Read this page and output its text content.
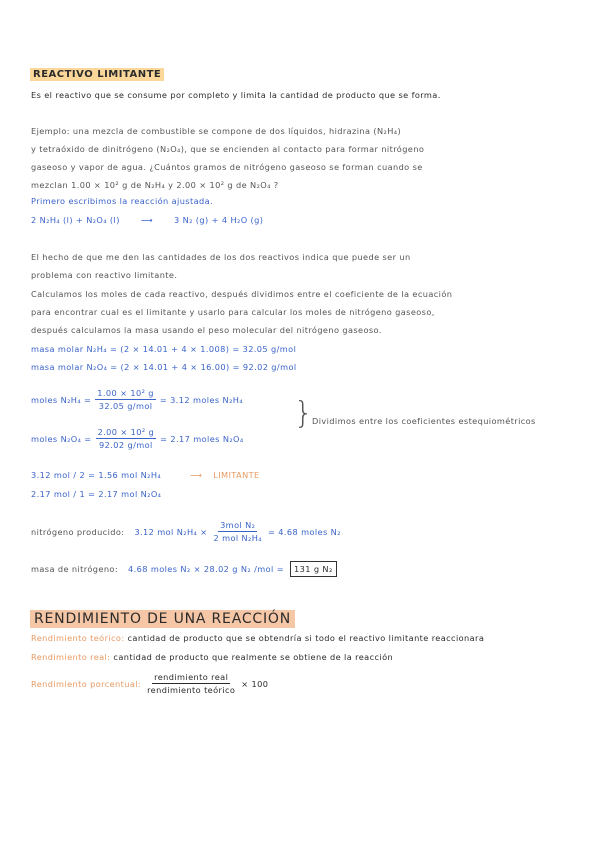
REACTIVO LIMITANTE
Es el reactivo que se consume por completo y limita la cantidad de producto que se forma.
Ejemplo: una mezcla de combustible se compone de dos líquidos, hidrazina (N₂H₄)
y tetraóxido de dinitrógeno (N₂O₄), que se encienden al contacto para formar nitrógeno
gaseoso y vapor de agua. ¿Cuántos gramos de nitrógeno gaseoso se forman cuando se
mezclan 1.00 × 10² g de N₂H₄ y 2.00 × 10² g de N₂O₄ ?
Primero escribimos la reacción ajustada.
2 N₂H₄ (l) + N₂O₄ (l)	⟶	3 N₂ (g) + 4 H₂O (g)
El hecho de que me den las cantidades de los dos reactivos indica que puede ser un
problema con reactivo limitante.
Calculamos los moles de cada reactivo, después dividimos entre el coeficiente de la ecuación
para encontrar cual es el limitante y usarlo para calcular los moles de nitrógeno gaseoso,
después calculamos la masa usando el peso molecular del nitrógeno gaseoso.
masa molar N₂H₄ = (2 × 14.01 + 4 × 1.008) = 32.05 g/mol
masa molar N₂O₄ = (2 × 14.01 + 4 × 16.00) = 92.02 g/mol
moles $N_2H_4 = \frac{\text{1.00 × 10² g}}{\text{32.05 g/mol}} = 3.12$ moles N₂H₄
moles $N_2O_4 = \frac{\text{2.00 × 10² g}}{\text{92.02 g/mol}} = 2.17$ moles N₂O₄
}
Dividimos entre los coeficientes estequiométricos
3.12 mol / 2 = 1.56 mol N₂H₄	⟶ LIMITANTE
2.17 mol / 1 = 2.17 mol N₂O₄
nitrógeno producido: 3.12 mol $N_2H_4 \times \frac{\text{3mol N₂}}{\text{2 mol N₂H₄}} = 4.68$ moles N₂
masa de nitrógeno: 4.68 moles N₂ × 28.02 g N₂ /mol =	131 g N₂
RENDIMIENTO DE UNA REACCIÓN
Rendimiento teórico: cantidad de producto que se obtendría si todo el reactivo limitante reaccionara
Rendimiento real: cantidad de producto que realmente se obtiene de la reacción
Rendimiento porcentual: $\frac{\text{rendimiento real}}{\text{rendimiento teórico}} \times 100$
